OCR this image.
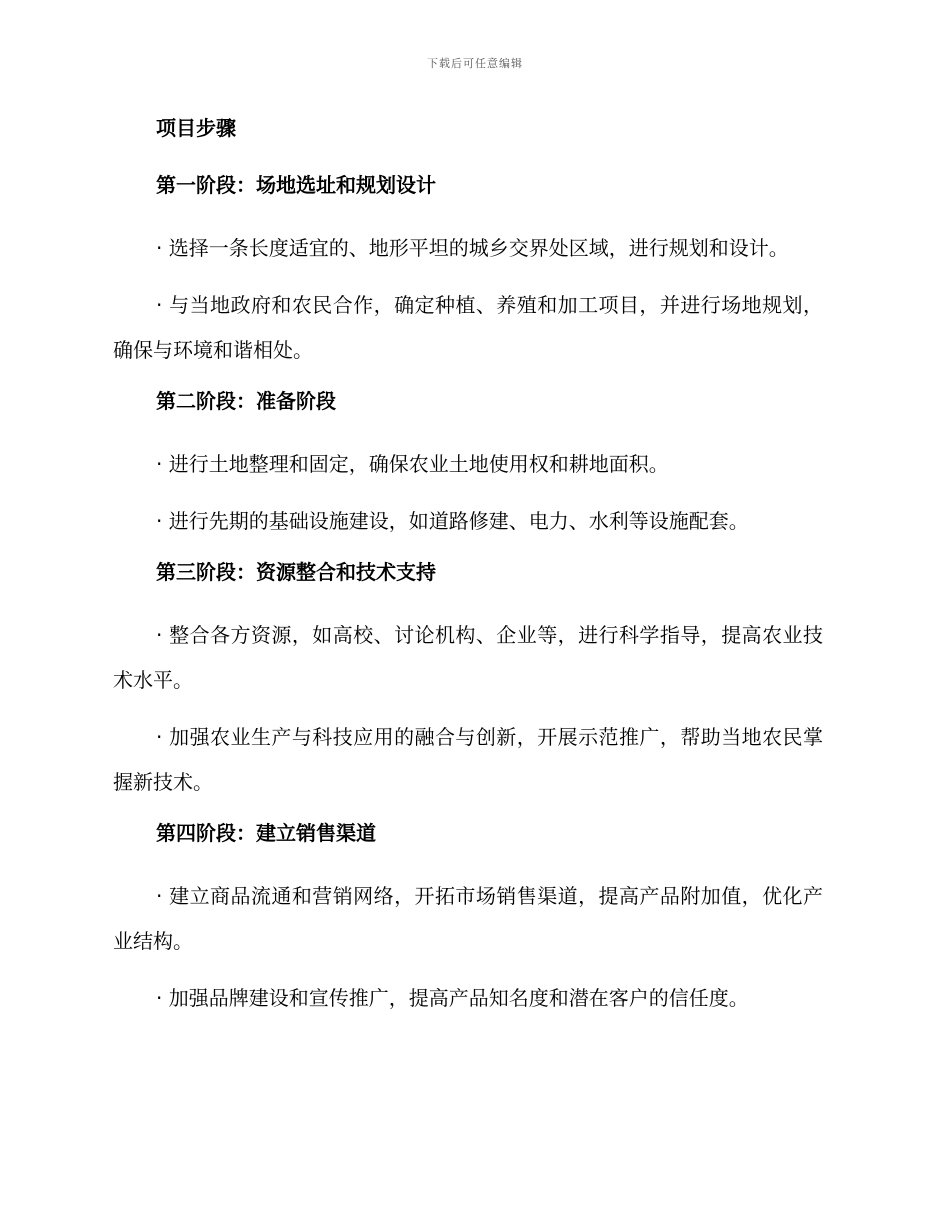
下载后可任意编辑
项目步骤
第一阶段：场地选址和规划设计

· 选择一条长度适宜的、地形平坦的城乡交界处区域，进行规划和设计。

· 与当地政府和农民合作，确定种植、养殖和加工项目，并进行场地规划，确保与环境和谐相处。

第二阶段：准备阶段

· 进行土地整理和固定，确保农业土地使用权和耕地面积。

· 进行先期的基础设施建设，如道路修建、电力、水利等设施配套。

第三阶段：资源整合和技术支持

· 整合各方资源，如高校、讨论机构、企业等，进行科学指导，提高农业技术水平。

· 加强农业生产与科技应用的融合与创新，开展示范推广，帮助当地农民掌握新技术。

第四阶段：建立销售渠道

· 建立商品流通和营销网络，开拓市场销售渠道，提高产品附加值，优化产业结构。

· 加强品牌建设和宣传推广，提高产品知名度和潜在客户的信任度。
